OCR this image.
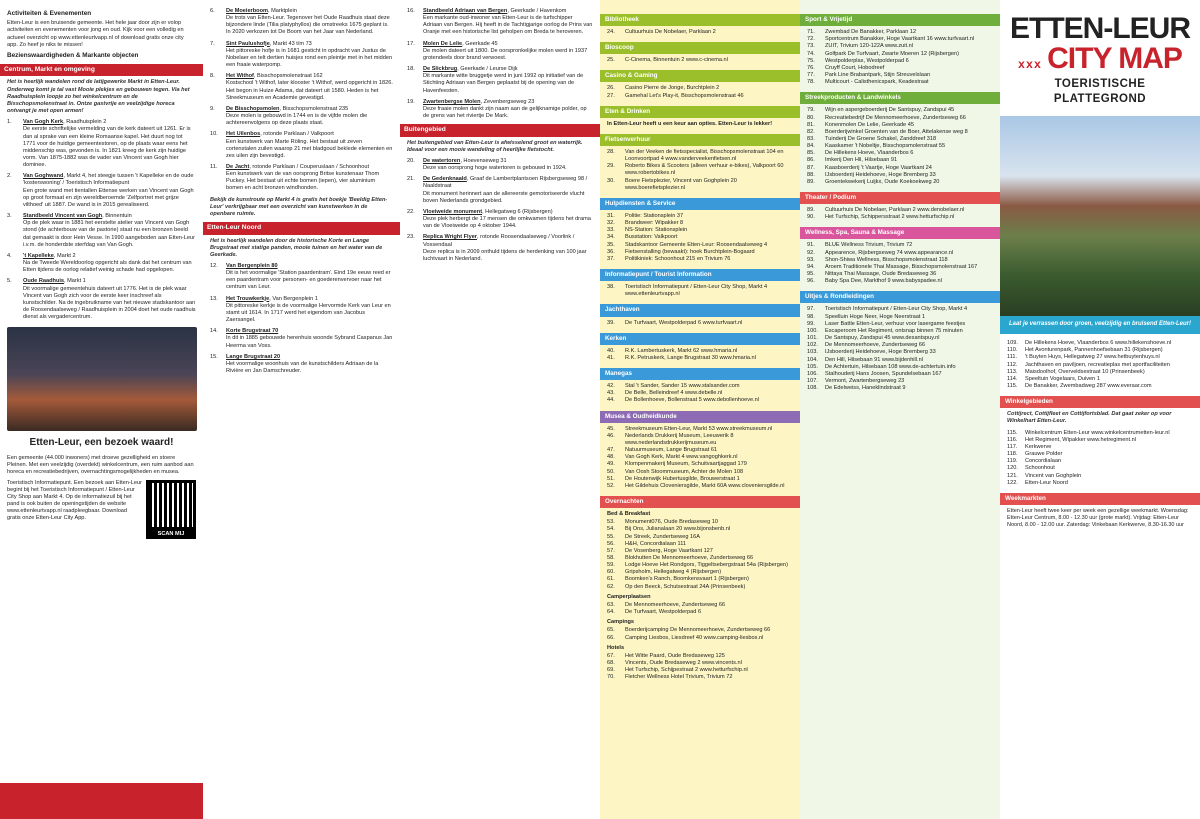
Activiteiten & Evenementen

Etten-Leur is een bruisende gemeente. Het hele jaar door zijn er volop activiteiten en evenementen voor jong en oud. Kijk voor een volledig en actueel overzicht op www.ettenleurtvapp.nl of download gratis onze city app. Zo heef je niks te missen!

Bezienswaardigheden & Markante objecten
Centrum, Markt en omgeving
Het is heerlijk wandelen rond de latijgewerke Markt in Etten-Leur. Onderweg komt je tal vast Mooie plekjes en gebouwen tegen. Via het Raadhuisplein loopje zo het winkelcentrum en de Bisschopsmolenstraat in. Ontze gastvrije en veelzijdige horeca ontvangt je met open armen!
1.	Van Gogh Kerk, Raadhuisplein 2
De eerste schriftelijke vermelding van de kerk dateert uit 1261. Er is dan al sprake van een kleine Romaanse kapel. Het duurt nog tot 1771 voor de huidige gemeentestoren, op de plaats waar eens het middenschip was, gevonden is. In 1821 kreeg de kerk zijn huidige vorm. Van 1875-1882 was de vader van Vincent van Gogh hier dominee.
2.	Van Goghwand, Markt 4, het steegje tussen 't Kapelleke en de oude 'kosterswoning' / Toeristisch Informatiepunt
Een grote wand met tientallen Ettense werken van Vincent van Gogh op groot formaat en zijn wereldberoemde 'Zelfportret met grijze vilthoed' uit 1887. De wand is in 2015 gerealiseerd.
3.	Standbeeld Vincent van Gogh, Binnentuin
Op de plek waar in 1881 het eerstelte atelier van Vincent van Gogh stond (de achterbouw van de pastorie) staat nu een bronzen beeld dat gemaakt is door Hein Vesse. In 1990 aangeboden aan Etten-Leur i.v.m. de honderdste sterfdag van Van Gogh.
4.	't Kapelleke, Markt 2
Na de Tweede Wereldoorlog opgericht als dank dat het centrum van Etten tijdens de oorlog relatief weinig schade had opgelopen.
5.	Oude Raadhuis, Markt 1
Dit voormalige gemeentehuis dateert uit 1776. Het is de plek waar Vincent van Gogh zich voor de eerste keer inschreef als kunstschilder. Na de ingebruikname van het nieuwe stadskantoor aan de Roosendaalseweg / Raadhuisplein in 2004 doet het oude raadhuis dienst als vergadercentrum.
Etten-Leur, een bezoek waard!

Een gemeente (44.000 inwoners) met droeve gezelligheid en stoere Pleinen. Met een veelzijdig (overdekt) winkelcentrum, een ruim aanbod aan horeca en recreatiebedrijven, overnachtingsmogelijkheden en musea.

SCAN MIJ

Toeristisch Informatiepunt. Een bezoek aan Etten-Leur begint bij het Toeristisch Informatiepunt / Etten-Leur City Shop aan Markt 4. Op de informatiezuil bij het pand is ook buiten de openingstijden de website www.ettenleurtvapp.nl raadpleegbaar. Download gratis onze Etten-Leur City App.

6.	De Moeierboom, Marktplein
De trots van Etten-Leur. Tegenover het Oude Raadhuis staat deze bijzondere linde (Tilia platyphyllos) die omstreeks 1675 geplant is. In 2020 verkozen tot De Boom van het Jaar van Nederland.
7.	Sint Paulushofje, Markt 43 t/m 73
Het pittoreske hofje is in 1681 gesticht in opdracht van Justus de Nobelaer en telt dertien huisjes rond een pleintje met in het midden een fraaie waterpomp.
8.	Het Withof, Bisschopsmolenstraat 162
Kostschool 't Withof, later klooster 't Withof, werd opgericht in 1826. Het begon in Huize Adama, dat dateert uit 1580. Heden is het Streekmuseum en Academie gevestigd.
9.	De Bisschopsmolen, Bisschopsmolenstraat 235
Deze molen is gebouwd in 1744 en is de vijfde molen die achtereenvolgens op deze plaats staat.
10.	Het Uilenbos, rotonde Parklaan / Valkpoort
Een kunstwerk van Marte Röling. Het bestaat uit zeven cortenstalen zuilen waarop 21 met bladgoud beklede elementen en zes uilen zijn bevestigd.
11.	De Jacht, rotonde Parklaan / Couperuslaan / Schoonhout
Een kunstwerk van de van oorsprong Britse kunstenaar Thom Puckey. Het bestaat uit echte bomen (iepen), vier aluminium bomen en acht bronzen windhonden.
Bekijk de kunstroute op Markt 4 is gratis het boekje 'Beeldig Etten-Leur' verkrijgbaar met een overzicht van kunstwerken in de openbare ruimte.
Etten-Leur Noord
Het is heerlijk wandelen door de historische Korte en Lange Brugstraat met statige panden, mooie tuinen en het water van de Geerkade.
12.	Van Bergenplein 80
Dit is het voormalige 'Station paardentram'. Eind 19e eeuw reed er een paardentram voor personen- en goederenvervoer naar het centrum van Leur.
13.	Het Trouwkerkje, Van Bergenplein 1
Dit pittoreske kerkje is de voormalige Hervormde Kerk van Leur en stamt uit 1614. In 1717 werd het eigendom van Jacobus Zaersangel.
14.	Korte Brugstraat 70
In dit in 1885 gebouwde herenhuis woonde Sybrand Caspanus Jan Heerma van Voss.
15.	Lange Brugstraat 20
Het voormalige woonhuis van de kunstschilders Adriaan de la Rivière en Jan Damschreuder.
16.	Standbeeld Adriaan van Bergen, Geerkade / Havenkom
Een markante oud-inwoner van Etten-Leur is de turfschipper Adriaan van Bergen. Hij heeft in de Tachtigjarige oorlog de Prins van Oranje met een historische list geholpen om Breda te heroveren.
17.	Molen De Lelie, Geerkade 45
De molen dateert uit 1800. De oorspronkelijke molen werd in 1937 grotendeels door brand verwoest.
18.	De Slickbrug, Geerkade / Leurse Dijk
Dit markante witte bruggetje werd in juni 1992 op initiatief van de Stichting Adriaan van Bergen geplaatst bij de opening van de Havenfeesten.
19.	Zwartenbergse Molen, Zevenbergseweg 23
Deze fraaie molen dankt zijn naam aan de gelijknamige polder, op de grens van het riviertje De Mark.
Buitengebied
Het buitengebied van Etten-Leur is afwisselend groot en waterrijk. Ideaal voor een mooie wandeling of heerlijke fietstocht.
20.	De watertoren, Hoevenseweg 31
Deze van oorsprong hoge watertoren is gebouwd in 1924.
21.	De Gedenknaald, Graaf de Lambertplantsoen Rijsbergseweg 98 / Naaldstraat
Dit monument herinnert aan de allereerste gemotoriseerde vlucht boven Nederlands grondgebied.
22.	Vloeiweide monument, Hellegatweg 6 (Rijsbergen)
Deze plek herbergt de 17 mensen die omkwamen tijdens het drama van de Vloeiweide op 4 oktober 1944.
23.	Replica Wright Flyer, rotonde Roosendaalseweg / Voorlink / Vossendaal
Deze replica is in 2009 onthuld tijdens de herdenking van 100 jaar luchtvaart in Nederland.
Bibliotheek
24.	Cultuurhuis De Nobelaer, Parklaan 2
Bioscoop
25.	C-Cinema, Binnentuin 2 www.c-cinema.nl
Casino & Gaming
26.	Casino Pierre de Jonge, Burchtplein 2
27.	Gamehal Let's Play-it, Bisschopsmolenstraat 46
Eten & Drinken
In Etten-Leur heeft u een keur aan opties. Etten-Leur is lekker!
Fietsenverhuur
28.	Van der Veeken de fietsspecialist, Bisschopsmolenstraat 104 en Loonvoortpad 4 www.vanderveekenfietsen.nl
29.	Roberto Bikes & Scooters (alleen verhuur e-bikes), Valkpoort 60 www.robertobikes.nl
30.	Boere Fietsplezier, Vincent van Goghplein 20 www.boerefietsplezier.nl
Hulpdiensten & Service
31.	Politie: Stationsplein 37
32.	Brandweer: Wipakker 8
33.	NS-Station: Stationsplein
34.	Busstation: Valkpoort
35.	Stadskantoor Gemeente Etten-Leur: Roosendaalseweg 4
36.	Fietsenstalling (bewaakt): hoek Burchtplein-Bogaard
37.	Politikiniek: Schoonhout 215 en Trivium 76
Informatiepunt / Tourist Information
38.	Toeristisch Informatiepunt / Etten-Leur City Shop, Markt 4 www.ettenleurtvapp.nl
Jachthaven
39.	De Turfvaart, Westpolderpad 6 www.turfvaart.nl
Kerken
40.	R.K. Lambertuskerk, Markt 62 www.hmaria.nl
41.	R.K. Petruskerk, Lange Brugstraat 30 www.hmaria.nl
Manegas
42.	Stal 't Sander, Sander 15 www.stalsander.com
43.	De Belle, Belleindreef 4 www.debelle.nl
44.	De Bollenhoeve, Bollenstraat 5 www.debollenhoeve.nl
Musea & Oudheidkunde
45.	Streekmuseum Etten-Leur, Markt 53 www.streekmuseum.nl
46.	Nederlands Drukkerij Museum, Leeuwerik 8 www.nederlandsdrukkerijmuseum.eu
47.	Natuurmuseum, Lange Brugstraat 61
48.	Van Gogh Kerk, Markt 4 www.vangoghkerk.nl
49.	Klompenmakerij Museum, Schuitvaartjaggad 179
50.	Van Oosh Stoommuseum, Achter de Molen 108
51.	De Houtenwijk Hubertusgilde, Brouwerstraat 1
52.	Het Gildehuis Cloveniersgilde, Markt 60A www.cloveniersgilde.nl
Overnachten
Bed & Breakfast
53.	Monument076, Oude Bredaseweg 10
54.	Bij Ons, Julianalaan 20 www.bijonsbenb.nl
55.	De Streek, Zundertseweg 16A
56.	H&H, Concordialaan 111
57.	De Vosenberg, Hoge Vaartkant 127
58.	Blokhutten De Mennomeerhoeve, Zundertseweg 66
59.	Lodge Hoeve Het Rondgors, Tiggeltsebergstraat 54a (Rijsbergen)
60.	Gripsholm, Hellegatweg 4 (Rijsbergen)
61.	Boomken's Ranch, Boomkensvaart 1 (Rijsbergen)
62.	Op den Beeck, Schutsestraat 24A (Prinsenbeek)
Camperplaatsen
63.	De Mennomeerhoeve, Zundertseweg 66
64.	De Turfvaart, Westpolderpad 6
Campings
65.	Boerderijcamping De Mennomeerhoeve, Zundertseweg 66
66.	Camping Liesbos, Liesdreef 40 www.camping-liesbos.nl
Hotels
67.	Het Witte Paard, Oude Bredaseweg 125
68.	Vincents, Oude Bredaseweg 2 www.vincents.nl
69.	Het Turfschip, Schijpestraat 2 www.hetturfschip.nl
70.	Fletcher Wellness Hotel Trivium, Trivium 72
Sport & Vrijetijd
71.	Zwembad De Banakker, Parklaan 12
72.	Sportcentrum Banakker, Hoge Vaartkant 16 www.turfvaart.nl
73.	ZUIT, Trivium 120-122A www.zuit.nl
74.	Golfpark De Turfvaart, Zwarte Moeren 12 (Rijsbergen)
75.	Westpolderplas, Westpolderpad 6
76.	Cruyff Court, Hobodreef
77.	Park Line Brabantpark, Stijn Streuvelslaan
78.	Multicourt - Calisthenicspark, Keadestraat
Streekproducten & Landwinkels
79.	Wijn en aspergeboerderij De Santspuy, Zandspui 45
80.	Recreatiebedrijf De Mennomeerhoeve, Zundertseweg 66
81.	Konenmolen De Lelie, Geerkade 45
82.	Boerderijwinkel Groenten van de Boer, Attelakense weg 8
83.	Tuinderij De Groene Schakel, Zanddreef 318
84.	Kaaskamer 't Nobeltje, Bisschopsmolenstraat 55
85.	De Hillekens Hoeve, Vlaanderbos 6
86.	Imkerij Den Hil, Hilsebaan 91
87.	Kaasboerderij 't Vaartje, Hoge Vaartkant 24
88.	IJsboerderij Heidehoeve, Hoge Bremberg 33
89.	Groentekwekerij Luijkx, Oude Koekoekweg 20
Theater / Podium
89.	Cultuurhuis De Nobelaer, Parklaan 2 www.denobelaer.nl
90.	Het Turfschip, Schippersstraat 2 www.hetturfschip.nl
Wellness, Spa, Sauna & Massage
91.	BLUE Wellness Trivium, Trivium 72
92.	Appearence, Rijsbergseweg 74 www.appearance.nl
93.	Shon-Shiwa Wellness, Bisschopsmolenstraat 118
94.	Aroem Traditionele Thai Massage, Bisschopsmolenstraat 167
95.	Nittaya Thai Massage, Oude Bredaseweg 36
96.	Baby Spa Dee, Markthof 9 www.babyspadee.nl
Uitjes & Rondleidingen
97.	Toeristisch Informatiepunt / Etten-Leur City Shop, Markt 4
98.	Speelluin Hoge Neer, Hoge Neerstraat 1
99.	Laser Battle Etten-Leur, verhuur voor lasergame feestjes
100.	Escaperoom Het Regiment, ontsnap binnen 75 minuten
101.	De Santspuy, Zandspui 45 www.desantspuy.nl
102.	De Mennomeerhoeve, Zundertseweg 66
103.	IJsboerderij Heidehoeve, Hoge Bremberg 33
104.	Den Hill, Hilsebaan 91 www.bijdenhill.nl
105.	De Achtertuin, Hilsebaan 108 www.de-achtertuin.info
106.	Stalhouderij Hans Joosen, Spundelsebaan 167
107.	Vermont, Zwartenbergseweg 23
108.	De Edelweiss, Haneklindstraat 9
ETTEN-LEUR
x x x CITY MAP
TOERISTISCHE PLATTEGROND
Laat je verrassen door groen, veelzijdig en bruisend Etten-Leur!
109.	De Hillekens Hoeve, Vlaanderbos 6 www.hillekenshoeve.nl
110.	Het Avonturenpark, Pannenhoefsebaan 31 (Rijsbergen)
111.	't Buyten Huys, Hellegatweg 27 www.hetbuytenhuys.nl
112.	Jachthaven en paviljoen, recreatieplas met sportfaciliteiten
113.	Maisdoolhof, Overveldsestraat 10 (Prinsenbeek)
114.	Speeltuin Vogelaars, Duiven 1
115.	De Banakker, Zwembadweg 287 www.everaar.com
Winkelgebieden
Cottijrect, Cottijfleet en Cottijfortsblad. Dat gaat zeker op voor Winkelhart Etten-Leur.
115.	Winkelcentrum Etten-Leur www.winkelcentrumetten-leur.nl
116.	Het Regiment, Wipakker www.hetregiment.nl
117.	Kerkwerve
118.	Grauwe Polder
119.	Concordialaan
120.	Schoonhout
121.	Vincent van Goghplein
122.	Etten-Leur Noord
Weekmarkten

Etten-Leur heeft twee keer per week een gezellige weekmarkt. Woensdag: Etten-Leur Centrum, 8.00 - 12.30 uur (grote markt). Vrijdag: Etten-Leur Noord, 8.00 - 12.00 uur. Zaterdag: Vinkebaan Kerkwerve, 8.30-16.30 uur
